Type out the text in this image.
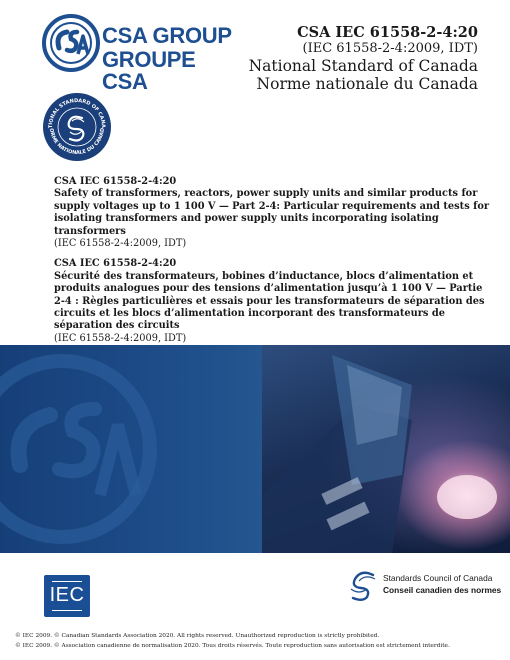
CSA GROUP
GROUPE CSA
CSA IEC 61558-2-4:20
(IEC 61558-2-4:2009, IDT)
National Standard of Canada
Norme nationale du Canada
TIONAL STANDARD OF CANA
ORME NATIONALE DU CANAD
CSA IEC 61558-2-4:20
Safety of transformers, reactors, power supply units and similar products for supply voltages up to 1 100 V — Part 2-4: Particular requirements and tests for isolating transformers and power supply units incorporating isolating transformers
(IEC 61558-2-4:2009, IDT)
CSA IEC 61558-2-4:20
Sécurité des transformateurs, bobines d’inductance, blocs d’alimentation et produits analogues pour des tensions d’alimentation jusqu’à 1 100 V — Partie 2-4 : Règles particulières et essais pour les transformateurs de séparation des circuits et les blocs d’alimentation incorporant des transformateurs de séparation des circuits
(IEC 61558-2-4:2009, IDT)
IEC
Standards Council of Canada
Conseil canadien des normes
© IEC 2009. © Canadian Standards Association 2020. All rights reserved. Unauthorized reproduction is strictly prohibited.
© IEC 2009. © Association canadienne de normalisation 2020. Tous droits réservés. Toute reproduction sans autorisation est strictement interdite.
